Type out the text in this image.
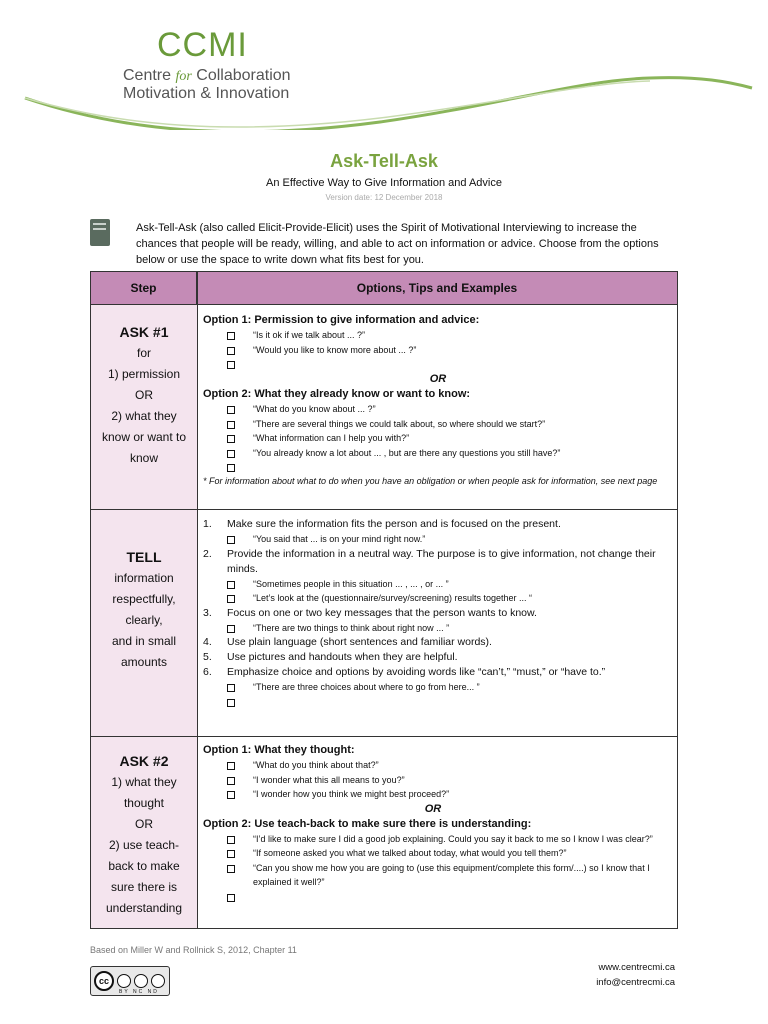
CCMI
Centre for Collaboration
Motivation & Innovation
Ask-Tell-Ask
An Effective Way to Give Information and Advice
Version date: 12 December 2018
Ask-Tell-Ask (also called Elicit-Provide-Elicit) uses the Spirit of Motivational Interviewing to increase the chances that people will be ready, willing, and able to act on information or advice. Choose from the options below or use the space to write down what fits best for you.
Step	Options, Tips and Examples
ASK #1
for
1) permission
OR
2) what they
know or want to
know
Option 1: Permission to give information and advice:
“Is it ok if we talk about ... ?”
“Would you like to know more about ... ?”
OR
Option 2: What they already know or want to know:
“What do you know about ... ?”
“There are several things we could talk about, so where should we start?”
“What information can I help you with?”
“You already know a lot about ... , but are there any questions you still have?”
* For information about what to do when you have an obligation or when people ask for information, see next page
TELL
information
respectfully,
clearly,
and in small
amounts
1. Make sure the information fits the person and is focused on the present.
“You said that ... is on your mind right now.”
2. Provide the information in a neutral way. The purpose is to give information, not change their minds.
“Sometimes people in this situation ... , ... , or ... ”
“Let’s look at the (questionnaire/survey/screening) results together ... “
3. Focus on one or two key messages that the person wants to know.
“There are two things to think about right now ... ”
4. Use plain language (short sentences and familiar words).
5. Use pictures and handouts when they are helpful.
6. Emphasize choice and options by avoiding words like “can’t,” “must,” or “have to.”
“There are three choices about where to go from here... ”
ASK #2
1) what they
thought
OR
2) use teach-
back to make
sure there is
understanding
Option 1: What they thought:
“What do you think about that?”
“I wonder what this all means to you?”
“I wonder how you think we might best proceed?”
OR
Option 2: Use teach-back to make sure there is understanding:
“I’d like to make sure I did a good job explaining. Could you say it back to me so I know I was clear?”
“If someone asked you what we talked about today, what would you tell them?”
“Can you show me how you are going to (use this equipment/complete this form/....) so I know that I explained it well?”
Based on Miller W and Rollnick S, 2012, Chapter 11
cc
BY NC ND
www.centrecmi.ca
info@centrecmi.ca
